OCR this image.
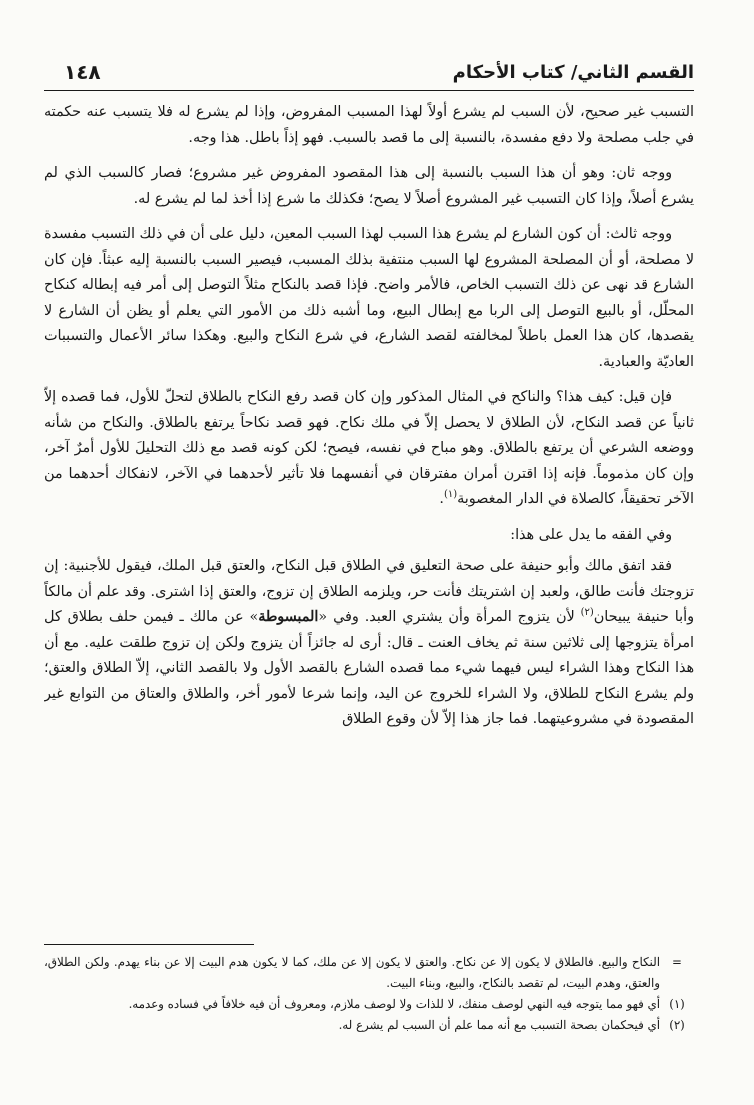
القسم الثاني/ كتاب الأحكام
١٤٨

التسبب غير صحيح، لأن السبب لم يشرع أولاً لهذا المسبب المفروض، وإذا لم يشرع له فلا يتسبب عنه حكمته في جلب مصلحة ولا دفع مفسدة، بالنسبة إلى ما قصد بالسبب. فهو إذاً باطل. هذا وجه.

ووجه ثان: وهو أن هذا السبب بالنسبة إلى هذا المقصود المفروض غير مشروع؛ فصار كالسبب الذي لم يشرع أصلاً، وإذا كان التسبب غير المشروع أصلاً لا يصح؛ فكذلك ما شرع إذا أخذ لما لم يشرع له.

ووجه ثالث: أن كون الشارع لم يشرع هذا السبب لهذا السبب المعين، دليل على أن في ذلك التسبب مفسدة لا مصلحة، أو أن المصلحة المشروع لها السبب منتفية بذلك المسبب، فيصير السبب بالنسبة إليه عبثاً. فإن كان الشارع قد نهى عن ذلك التسبب الخاص، فالأمر واضح. فإذا قصد بالنكاح مثلاً التوصل إلى أمر فيه إبطاله كنكاح المحلّل، أو بالبيع التوصل إلى الربا مع إبطال البيع، وما أشبه ذلك من الأمور التي يعلم أو يظن أن الشارع لا يقصدها، كان هذا العمل باطلاً لمخالفته لقصد الشارع، في شرع النكاح والبيع. وهكذا سائر الأعمال والتسببات العاديّة والعبادية.

فإن قيل: كيف هذا؟ والناكح في المثال المذكور وإن كان قصد رفع النكاح بالطلاق لتحلّ للأول، فما قصده إلاّ ثانياً عن قصد النكاح، لأن الطلاق لا يحصل إلاّ في ملك نكاح. فهو قصد نكاحاً يرتفع بالطلاق. والنكاح من شأنه ووضعه الشرعي أن يرتفع بالطلاق. وهو مباح في نفسه، فيصح؛ لكن كونه قصد مع ذلك التحليلَ للأول أمرٌ آخر، وإن كان مذموماً. فإنه إذا اقترن أمران مفترقان في أنفسهما فلا تأثير لأحدهما في الآخر، لانفكاك أحدهما من الآخر تحقيقاً، كالصلاة في الدار المغصوبة$^{(١)}$.

وفي الفقه ما يدل على هذا:

فقد اتفق مالك وأبو حنيفة على صحة التعليق في الطلاق قبل النكاح، والعتق قبل الملك، فيقول للأجنبية: إن تزوجتك فأنت طالق، ولعبد إن اشتريتك فأنت حر، ويلزمه الطلاق إن تزوج، والعتق إذا اشترى. وقد علم أن مالكاً وأبا حنيفة يبيحان$^{(٢)}$ لأن يتزوج المرأة وأن يشتري العبد. وفي «المبسوطة» عن مالك ـ فيمن حلف بطلاق كل امرأة يتزوجها إلى ثلاثين سنة ثم يخاف العنت ـ قال: أرى له جائزاً أن يتزوج ولكن إن تزوج طلقت عليه. مع أن هذا النكاح وهذا الشراء ليس فيهما شيء مما قصده الشارع بالقصد الأول ولا بالقصد الثاني، إلاّ الطلاق والعتق؛ ولم يشرع النكاح للطلاق، ولا الشراء للخروج عن اليد، وإنما شرعا لأمور أخر، والطلاق والعتاق من التوابع غير المقصودة في مشروعيتهما. فما جاز هذا إلاّ لأن وقوع الطلاق

=
النكاح والبيع. فالطلاق لا يكون إلا عن نكاح. والعتق لا يكون إلا عن ملك، كما لا يكون هدم البيت إلا عن بناء يهدم. ولكن الطلاق، والعتق، وهدم البيت، لم تقصد بالنكاح، والبيع، وبناء البيت.
(١)
أي فهو مما يتوجه فيه النهي لوصف منفك، لا للذات ولا لوصف ملازم، ومعروف أن فيه خلافاً في فساده وعدمه.
(٢)
أي فيحكمان بصحة التسبب مع أنه مما علم أن السبب لم يشرع له.
